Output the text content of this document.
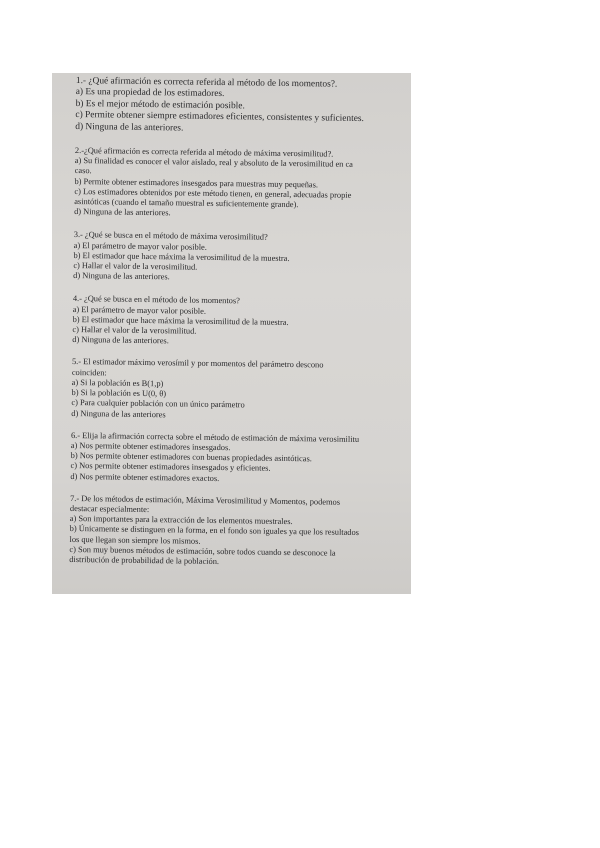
1.- ¿Qué afirmación es correcta referida al método de los momentos?.
a) Es una propiedad de los estimadores.
b) Es el mejor método de estimación posible.
c) Permite obtener siempre estimadores eficientes, consistentes y suficientes.
d) Ninguna de las anteriores.
2.-¿Qué afirmación es correcta referida al método de máxima verosimilitud?.
a) Su finalidad es conocer el valor aislado, real y absoluto de la verosimilitud en ca
caso.
b) Permite obtener estimadores insesgados para muestras muy pequeñas.
c) Los estimadores obtenidos por este método tienen, en general, adecuadas propie
asintóticas (cuando el tamaño muestral es suficientemente grande).
d) Ninguna de las anteriores.
3.- ¿Qué se busca en el método de máxima verosimilitud?
a) El parámetro de mayor valor posible.
b) El estimador que hace máxima la verosimilitud de la muestra.
c) Hallar el valor de la verosimilitud.
d) Ninguna de las anteriores.
4.- ¿Qué se busca en el método de los momentos?
a) El parámetro de mayor valor posible.
b) El estimador que hace máxima la verosimilitud de la muestra.
c) Hallar el valor de la verosimilitud.
d) Ninguna de las anteriores.
5.- El estimador máximo verosímil y por momentos del parámetro descono
coinciden:
a) Si la población es B(1,p)
b) Si la población es U(0, θ)
c) Para cualquier población con un único parámetro
d) Ninguna de las anteriores
6.- Elija la afirmación correcta sobre el método de estimación de máxima verosimilitu
a) Nos permite obtener estimadores insesgados.
b) Nos permite obtener estimadores con buenas propiedades asintóticas.
c) Nos permite obtener estimadores insesgados y eficientes.
d) Nos permite obtener estimadores exactos.
7.- De los métodos de estimación, Máxima Verosimilitud y Momentos, podemos
destacar especialmente:
a) Son importantes para la extracción de los elementos muestrales.
b) Únicamente se distinguen en la forma, en el fondo son iguales ya que los resultados
los que llegan son siempre los mismos.
c) Son muy buenos métodos de estimación, sobre todos cuando se desconoce la
distribución de probabilidad de la población.
